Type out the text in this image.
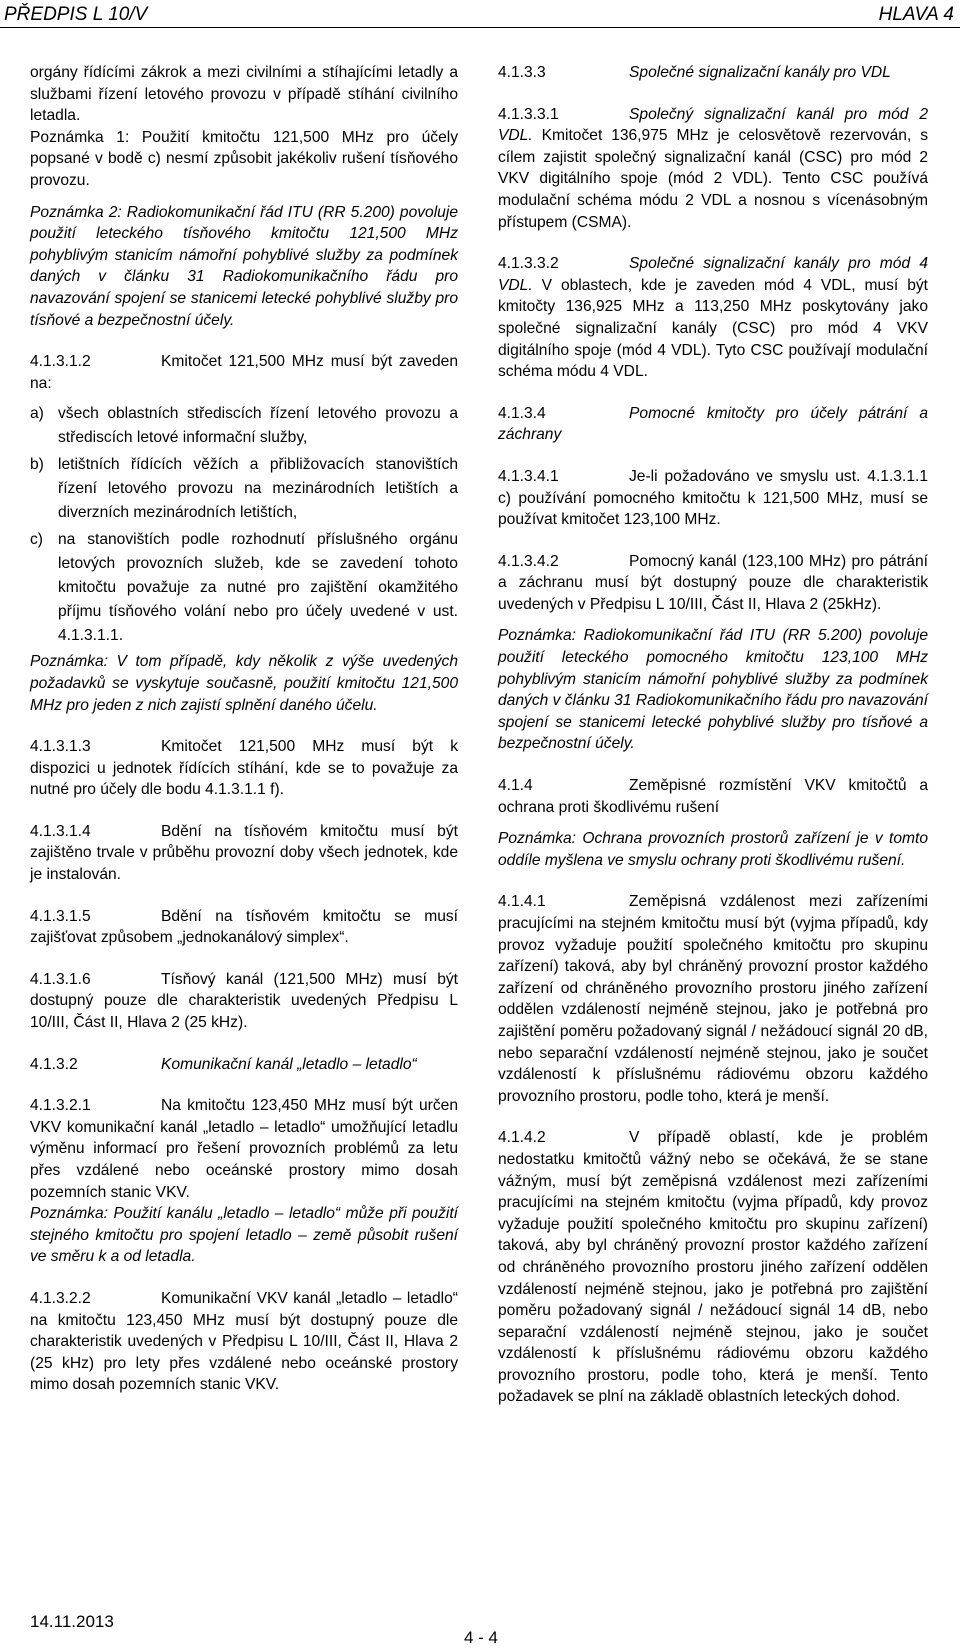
PŘEDPIS L 10/V	HLAVA 4

orgány řídícími zákrok a mezi civilními a stíhajícími letadly a službami řízení letového provozu v případě stíhání civilního letadla.

Poznámka 1: Použití kmitočtu 121,500 MHz pro účely popsané v bodě c) nesmí způsobit jakékoliv rušení tísňového provozu.

Poznámka 2: Radiokomunikační řád ITU (RR 5.200) povoluje použití leteckého tísňového kmitočtu 121,500 MHz pohyblivým stanicím námořní pohyblivé služby za podmínek daných v článku 31 Radiokomunikačního řádu pro navazování spojení se stanicemi letecké pohyblivé služby pro tísňové a bezpečnostní účely.

4.1.3.1.2	Kmitočet 121,500 MHz musí být zaveden na:

a) všech oblastních střediscích řízení letového provozu a střediscích letové informační služby,
b) letištních řídících věžích a přibližovacích stanovištích řízení letového provozu na mezinárodních letištích a diverzních mezinárodních letištích,
c) na stanovištích podle rozhodnutí příslušného orgánu letových provozních služeb, kde se zavedení tohoto kmitočtu považuje za nutné pro zajištění okamžitého příjmu tísňového volání nebo pro účely uvedené v ust. 4.1.3.1.1.

Poznámka: V tom případě, kdy několik z výše uvedených požadavků se vyskytuje současně, použití kmitočtu 121,500 MHz pro jeden z nich zajistí splnění daného účelu.

4.1.3.1.3	Kmitočet 121,500 MHz musí být k dispozici u jednotek řídících stíhání, kde se to považuje za nutné pro účely dle bodu 4.1.3.1.1 f).

4.1.3.1.4	Bdění na tísňovém kmitočtu musí být zajištěno trvale v průběhu provozní doby všech jednotek, kde je instalován.

4.1.3.1.5	Bdění na tísňovém kmitočtu se musí zajišťovat způsobem „jednokanálový simplex“.

4.1.3.1.6	Tísňový kanál (121,500 MHz) musí být dostupný pouze dle charakteristik uvedených Předpisu L 10/III, Část II, Hlava 2 (25 kHz).

4.1.3.2	Komunikační kanál „letadlo – letadlo“

4.1.3.2.1	Na kmitočtu 123,450 MHz musí být určen VKV komunikační kanál „letadlo – letadlo“ umožňující letadlu výměnu informací pro řešení provozních problémů za letu přes vzdálené nebo oceánské prostory mimo dosah pozemních stanic VKV.

Poznámka: Použití kanálu „letadlo – letadlo“ může při použití stejného kmitočtu pro spojení letadlo – země působit rušení ve směru k a od letadla.

4.1.3.2.2	Komunikační VKV kanál „letadlo – letadlo“ na kmitočtu 123,450 MHz musí být dostupný pouze dle charakteristik uvedených v Předpisu L 10/III, Část II, Hlava 2 (25 kHz) pro lety přes vzdálené nebo oceánské prostory mimo dosah pozemních stanic VKV.

4.1.3.3	Společné signalizační kanály pro VDL

4.1.3.3.1	Společný signalizační kanál pro mód 2 VDL. Kmitočet 136,975 MHz je celosvětově rezervován, s cílem zajistit společný signalizační kanál (CSC) pro mód 2 VKV digitálního spoje (mód 2 VDL). Tento CSC používá modulační schéma módu 2 VDL a nosnou s vícenásobným přístupem (CSMA).

4.1.3.3.2	Společné signalizační kanály pro mód 4 VDL. V oblastech, kde je zaveden mód 4 VDL, musí být kmitočty 136,925 MHz a 113,250 MHz poskytovány jako společné signalizační kanály (CSC) pro mód 4 VKV digitálního spoje (mód 4 VDL). Tyto CSC používají modulační schéma módu 4 VDL.

4.1.3.4	Pomocné kmitočty pro účely pátrání a záchrany

4.1.3.4.1	Je-li požadováno ve smyslu ust. 4.1.3.1.1 c) používání pomocného kmitočtu k 121,500 MHz, musí se používat kmitočet 123,100 MHz.

4.1.3.4.2	Pomocný kanál (123,100 MHz) pro pátrání a záchranu musí být dostupný pouze dle charakteristik uvedených v Předpisu L 10/III, Část II, Hlava 2 (25kHz).

Poznámka: Radiokomunikační řád ITU (RR 5.200) povoluje použití leteckého pomocného kmitočtu 123,100 MHz pohyblivým stanicím námořní pohyblivé služby za podmínek daných v článku 31 Radiokomunikačního řádu pro navazování spojení se stanicemi letecké pohyblivé služby pro tísňové a bezpečnostní účely.

4.1.4	Zeměpisné rozmístění VKV kmitočtů a ochrana proti škodlivému rušení

Poznámka: Ochrana provozních prostorů zařízení je v tomto oddíle myšlena ve smyslu ochrany proti škodlivému rušení.

4.1.4.1	Zeměpisná vzdálenost mezi zařízeními pracujícími na stejném kmitočtu musí být (vyjma případů, kdy provoz vyžaduje použití společného kmitočtu pro skupinu zařízení) taková, aby byl chráněný provozní prostor každého zařízení od chráněného provozního prostoru jiného zařízení oddělen vzdáleností nejméně stejnou, jako je potřebná pro zajištění poměru požadovaný signál / nežádoucí signál 20 dB, nebo separační vzdáleností nejméně stejnou, jako je součet vzdáleností k příslušnému rádiovému obzoru každého provozního prostoru, podle toho, která je menší.

4.1.4.2	V případě oblastí, kde je problém nedostatku kmitočtů vážný nebo se očekává, že se stane vážným, musí být zeměpisná vzdálenost mezi zařízeními pracujícími na stejném kmitočtu (vyjma případů, kdy provoz vyžaduje použití společného kmitočtu pro skupinu zařízení) taková, aby byl chráněný provozní prostor každého zařízení od chráněného provozního prostoru jiného zařízení oddělen vzdáleností nejméně stejnou, jako je potřebná pro zajištění poměru požadovaný signál / nežádoucí signál 14 dB, nebo separační vzdáleností nejméně stejnou, jako je součet vzdáleností k příslušnému rádiovému obzoru každého provozního prostoru, podle toho, která je menší. Tento požadavek se plní na základě oblastních leteckých dohod.

14.11.2013
4 - 4
